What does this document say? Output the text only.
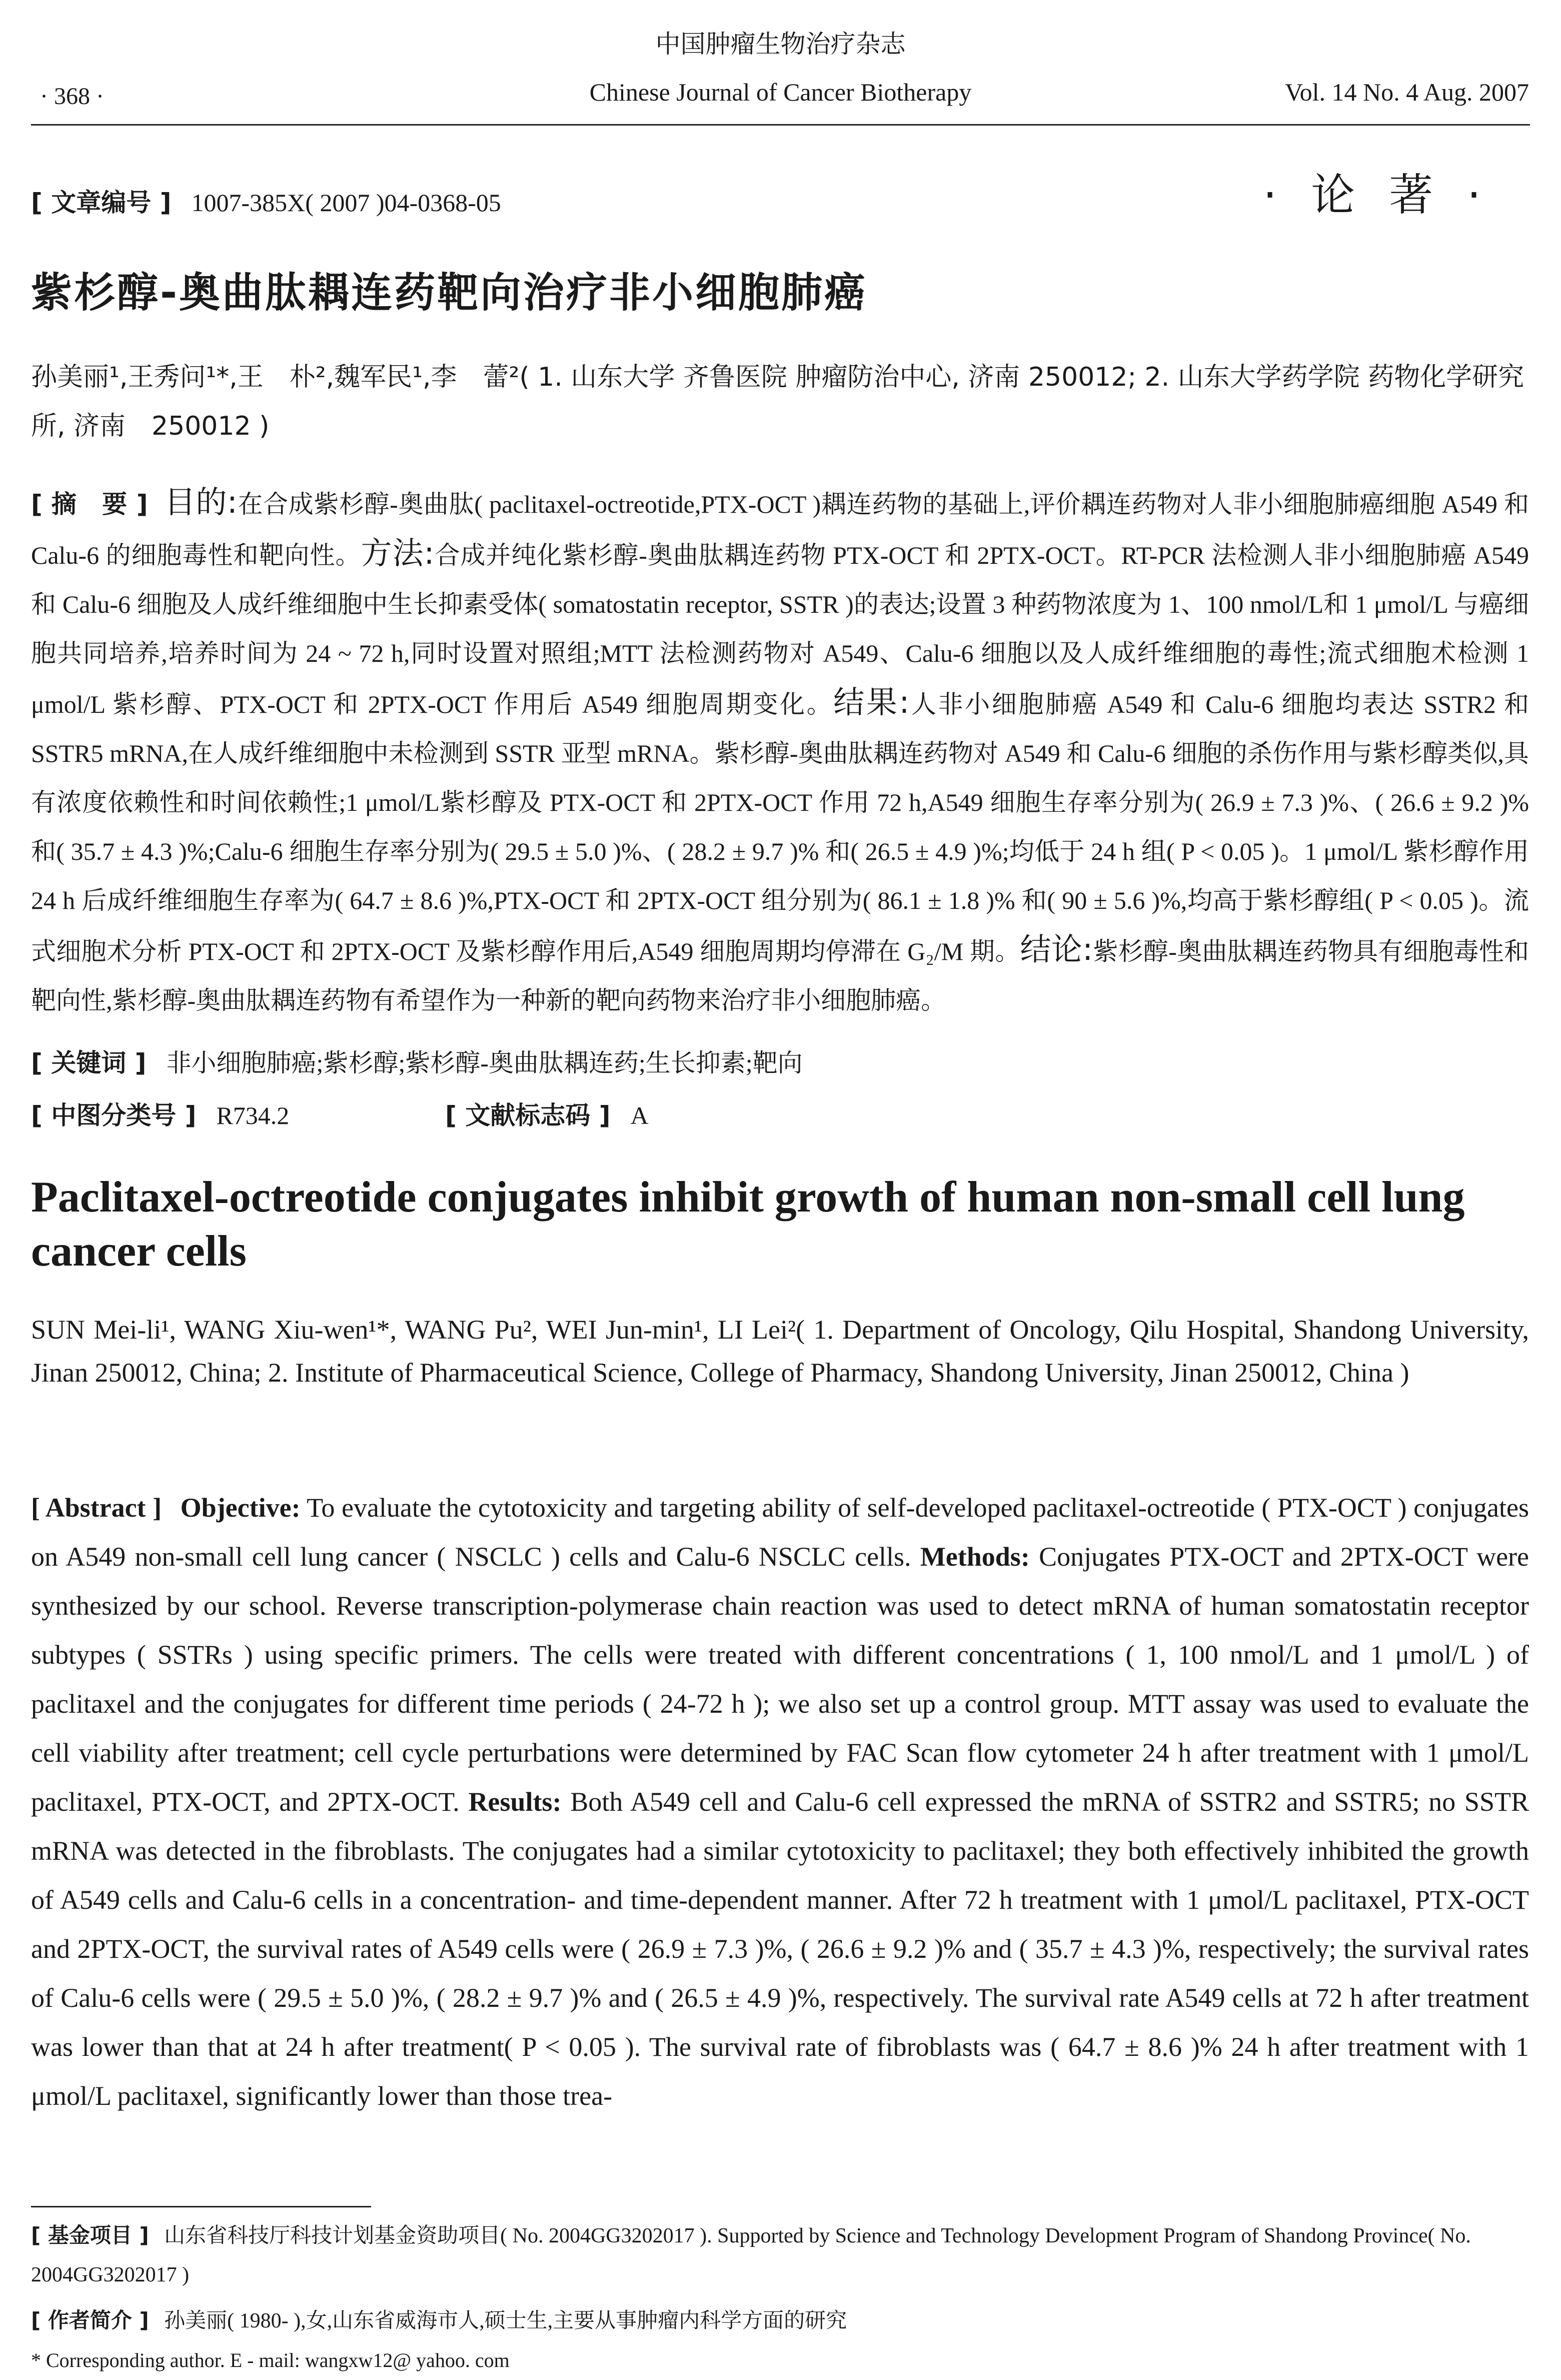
中国肿瘤生物治疗杂志
· 368 ·	Chinese Journal of Cancer Biotherapy	Vol. 14 No. 4 Aug. 2007
[ 文章编号 ] 1007-385X( 2007 )04-0368-05	· 论 著 ·
紫杉醇-奥曲肽耦连药靶向治疗非小细胞肺癌
孙美丽¹,王秀问¹*,王　朴²,魏军民¹,李　蕾²( 1. 山东大学 齐鲁医院 肿瘤防治中心, 济南 250012; 2. 山东大学药学院 药物化学研究所, 济南　250012 )
[ 摘　要 ] 目的:在合成紫杉醇-奥曲肽( paclitaxel-octreotide,PTX-OCT )耦连药物的基础上,评价耦连药物对人非小细胞肺癌细胞 A549 和 Calu-6 的细胞毒性和靶向性。方法:合成并纯化紫杉醇-奥曲肽耦连药物 PTX-OCT 和 2PTX-OCT。RT-PCR 法检测人非小细胞肺癌 A549 和 Calu-6 细胞及人成纤维细胞中生长抑素受体( somatostatin receptor, SSTR )的表达;设置 3 种药物浓度为 1、100 nmol/L和 1 μmol/L 与癌细胞共同培养,培养时间为 24 ~ 72 h,同时设置对照组;MTT 法检测药物对 A549、Calu-6 细胞以及人成纤维细胞的毒性;流式细胞术检测 1 μmol/L 紫杉醇、PTX-OCT 和 2PTX-OCT 作用后 A549 细胞周期变化。结果:人非小细胞肺癌 A549 和 Calu-6 细胞均表达 SSTR2 和 SSTR5 mRNA,在人成纤维细胞中未检测到 SSTR 亚型 mRNA。紫杉醇-奥曲肽耦连药物对 A549 和 Calu-6 细胞的杀伤作用与紫杉醇类似,具有浓度依赖性和时间依赖性;1 μmol/L紫杉醇及 PTX-OCT 和 2PTX-OCT 作用 72 h,A549 细胞生存率分别为( 26.9 ± 7.3 )%、( 26.6 ± 9.2 )% 和( 35.7 ± 4.3 )%;Calu-6 细胞生存率分别为( 29.5 ± 5.0 )%、( 28.2 ± 9.7 )% 和( 26.5 ± 4.9 )%;均低于 24 h 组( P < 0.05 )。1 μmol/L 紫杉醇作用 24 h 后成纤维细胞生存率为( 64.7 ± 8.6 )%,PTX-OCT 和 2PTX-OCT 组分别为( 86.1 ± 1.8 )% 和( 90 ± 5.6 )%,均高于紫杉醇组( P < 0.05 )。流式细胞术分析 PTX-OCT 和 2PTX-OCT 及紫杉醇作用后,A549 细胞周期均停滞在 G₂/M 期。结论:紫杉醇-奥曲肽耦连药物具有细胞毒性和靶向性,紫杉醇-奥曲肽耦连药物有希望作为一种新的靶向药物来治疗非小细胞肺癌。
[ 关键词 ] 非小细胞肺癌;紫杉醇;紫杉醇-奥曲肽耦连药;生长抑素;靶向
[ 中图分类号 ] R734.2	[ 文献标志码 ] A
Paclitaxel-octreotide conjugates inhibit growth of human non-small cell lung cancer cells
SUN Mei-li¹, WANG Xiu-wen¹*, WANG Pu², WEI Jun-min¹, LI Lei²( 1. Department of Oncology, Qilu Hospital, Shandong University, Jinan 250012, China; 2. Institute of Pharmaceutical Science, College of Pharmacy, Shandong University, Jinan 250012, China )
[ Abstract ] Objective: To evaluate the cytotoxicity and targeting ability of self-developed paclitaxel-octreotide ( PTX-OCT ) conjugates on A549 non-small cell lung cancer ( NSCLC ) cells and Calu-6 NSCLC cells. Methods: Conjugates PTX-OCT and 2PTX-OCT were synthesized by our school. Reverse transcription-polymerase chain reaction was used to detect mRNA of human somatostatin receptor subtypes ( SSTRs ) using specific primers. The cells were treated with different concentrations ( 1, 100 nmol/L and 1 μmol/L ) of paclitaxel and the conjugates for different time periods ( 24-72 h ); we also set up a control group. MTT assay was used to evaluate the cell viability after treatment; cell cycle perturbations were determined by FAC Scan flow cytometer 24 h after treatment with 1 μmol/L paclitaxel, PTX-OCT, and 2PTX-OCT. Results: Both A549 cell and Calu-6 cell expressed the mRNA of SSTR2 and SSTR5; no SSTR mRNA was detected in the fibroblasts. The conjugates had a similar cytotoxicity to paclitaxel; they both effectively inhibited the growth of A549 cells and Calu-6 cells in a concentration- and time-dependent manner. After 72 h treatment with 1 μmol/L paclitaxel, PTX-OCT and 2PTX-OCT, the survival rates of A549 cells were ( 26.9 ± 7.3 )%, ( 26.6 ± 9.2 )% and ( 35.7 ± 4.3 )%, respectively; the survival rates of Calu-6 cells were ( 29.5 ± 5.0 )%, ( 28.2 ± 9.7 )% and ( 26.5 ± 4.9 )%, respectively. The survival rate A549 cells at 72 h after treatment was lower than that at 24 h after treatment( P < 0.05 ). The survival rate of fibroblasts was ( 64.7 ± 8.6 )% 24 h after treatment with 1 μmol/L paclitaxel, significantly lower than those trea-
[ 基金项目 ] 山东省科技厅科技计划基金资助项目( No. 2004GG3202017 ). Supported by Science and Technology Development Program of Shandong Province( No. 2004GG3202017 )
[ 作者简介 ] 孙美丽( 1980- ),女,山东省威海市人,硕士生,主要从事肿瘤内科学方面的研究
* Corresponding author. E - mail: wangxw12@ yahoo. com
